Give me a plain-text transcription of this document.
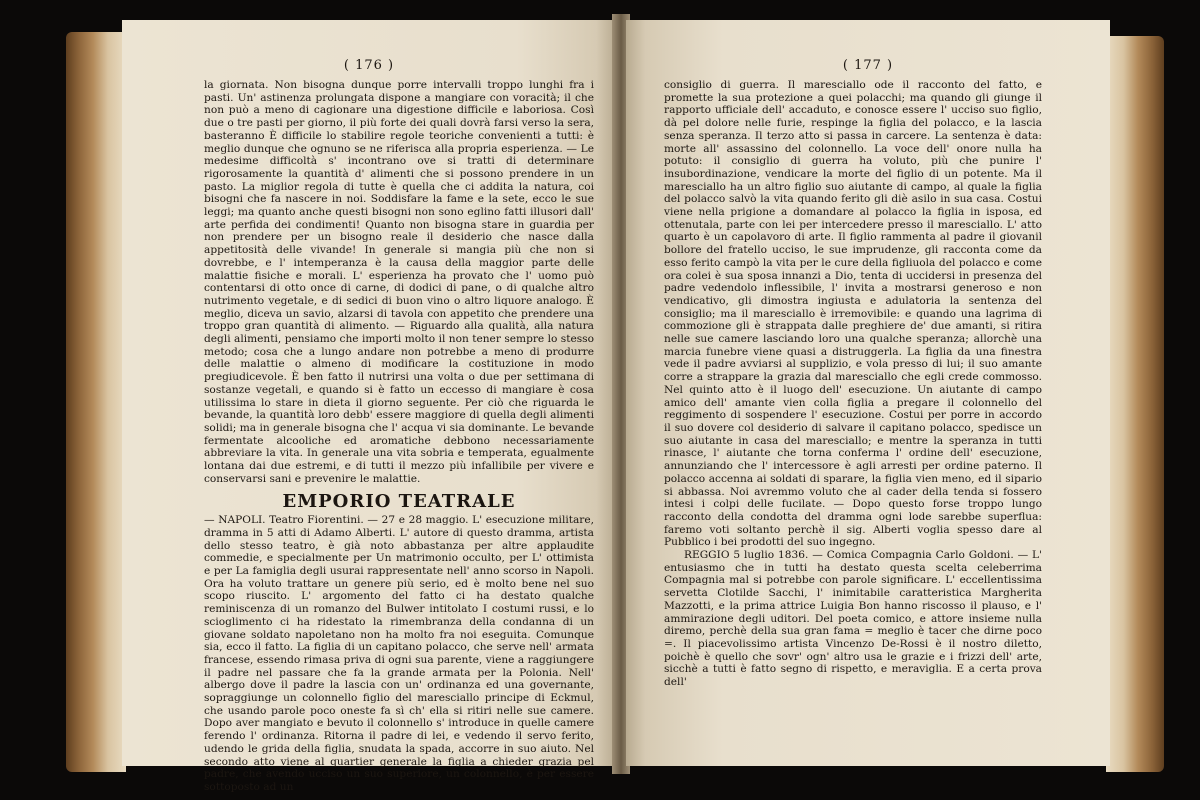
( 176 )

la giornata. Non bisogna dunque porre intervalli troppo lunghi fra i pasti. Un' astinenza prolungata dispone a mangiare con voracità; il che non può a meno di cagionare una digestione difficile e laboriosa. Così due o tre pasti per giorno, il più forte dei quali dovrà farsi verso la sera, basteranno È difficile lo stabilire regole teoriche convenienti a tutti: è meglio dunque che ognuno se ne riferisca alla propria esperienza. — Le medesime difficoltà s' incontrano ove si tratti di determinare rigorosamente la quantità d' alimenti che si possono prendere in un pasto. La miglior regola di tutte è quella che ci addita la natura, coi bisogni che fa nascere in noi. Soddisfare la fame e la sete, ecco le sue leggi; ma quanto anche questi bisogni non sono eglino fatti illusori dall' arte perfida dei condimenti! Quanto non bisogna stare in guardia per non prendere per un bisogno reale il desiderio che nasce dalla appetitosità delle vivande! In generale si mangia più che non si dovrebbe, e l' intemperanza è la causa della maggior parte delle malattie fisiche e morali. L' esperienza ha provato che l' uomo può contentarsi di otto once di carne, di dodici di pane, o di qualche altro nutrimento vegetale, e di sedici di buon vino o altro liquore analogo. È meglio, diceva un savio, alzarsi di tavola con appetito che prendere una troppo gran quantità di alimento. — Riguardo alla qualità, alla natura degli alimenti, pensiamo che importi molto il non tener sempre lo stesso metodo; cosa che a lungo andare non potrebbe a meno di produrre delle malattie o almeno di modificare la costituzione in modo pregiudicevole. È ben fatto il nutrirsi una volta o due per settimana di sostanze vegetali, e quando si è fatto un eccesso di mangiare è cosa utilissima lo stare in dieta il giorno seguente. Per ciò che riguarda le bevande, la quantità loro debb' essere maggiore di quella degli alimenti solidi; ma in generale bisogna che l' acqua vi sia dominante. Le bevande fermentate alcooliche ed aromatiche debbono necessariamente abbreviare la vita. In generale una vita sobria e temperata, egualmente lontana dai due estremi, e di tutti il mezzo più infallibile per vivere e conservarsi sani e prevenire le malattie.

EMPORIO TEATRALE

— NAPOLI. Teatro Fiorentini. — 27 e 28 maggio. L' esecuzione militare, dramma in 5 atti di Adamo Alberti. L' autore di questo dramma, artista dello stesso teatro, è già noto abbastanza per altre applaudite commedie, e specialmente per Un matrimonio occulto, per L' ottimista e per La famiglia degli usurai rappresentate nell' anno scorso in Napoli. Ora ha voluto trattare un genere più serio, ed è molto bene nel suo scopo riuscito. L' argomento del fatto ci ha destato qualche reminiscenza di un romanzo del Bulwer intitolato I costumi russi, e lo scioglimento ci ha ridestato la rimembranza della condanna di un giovane soldato napoletano non ha molto fra noi eseguita. Comunque sia, ecco il fatto. La figlia di un capitano polacco, che serve nell' armata francese, essendo rimasa priva di ogni sua parente, viene a raggiungere il padre nel passare che fa la grande armata per la Polonia. Nell' albergo dove il padre la lascia con un' ordinanza ed una governante, sopraggiunge un colonnello figlio del maresciallo principe di Eckmul, che usando parole poco oneste fa sì ch' ella si ritiri nelle sue camere. Dopo aver mangiato e bevuto il colonnello s' introduce in quelle camere ferendo l' ordinanza. Ritorna il padre di lei, e vedendo il servo ferito, udendo le grida della figlia, snudata la spada, accorre in suo aiuto. Nel secondo atto viene al quartier generale la figlia a chieder grazia pel padre, che avendo ucciso un suo superiore, un colonnello, è per essere sottoposto ad un

( 177 )

consiglio di guerra. Il maresciallo ode il racconto del fatto, e promette la sua protezione a quei polacchi; ma quando gli giunge il rapporto ufficiale dell' accaduto, e conosce essere l' ucciso suo figlio, dà pel dolore nelle furie, respinge la figlia del polacco, e la lascia senza speranza. Il terzo atto si passa in carcere. La sentenza è data: morte all' assassino del colonnello. La voce dell' onore nulla ha potuto: il consiglio di guerra ha voluto, più che punire l' insubordinazione, vendicare la morte del figlio di un potente. Ma il maresciallo ha un altro figlio suo aiutante di campo, al quale la figlia del polacco salvò la vita quando ferito gli diè asilo in sua casa. Costui viene nella prigione a domandare al polacco la figlia in isposa, ed ottenutala, parte con lei per intercedere presso il maresciallo. L' atto quarto è un capolavoro di arte. Il figlio rammenta al padre il giovanil bollore del fratello ucciso, le sue imprudenze, gli racconta come da esso ferito campò la vita per le cure della figliuola del polacco e come ora colei è sua sposa innanzi a Dio, tenta di uccidersi in presenza del padre vedendolo inflessibile, l' invita a mostrarsi generoso e non vendicativo, gli dimostra ingiusta e adulatoria la sentenza del consiglio; ma il maresciallo è irremovibile: e quando una lagrima di commozione gli è strappata dalle preghiere de' due amanti, si ritira nelle sue camere lasciando loro una qualche speranza; allorchè una marcia funebre viene quasi a distruggerla. La figlia da una finestra vede il padre avviarsi al supplizio, e vola presso di lui; il suo amante corre a strappare la grazia dal maresciallo che egli crede commosso. Nel quinto atto è il luogo dell' esecuzione. Un aiutante di campo amico dell' amante vien colla figlia a pregare il colonnello del reggimento di sospendere l' esecuzione. Costui per porre in accordo il suo dovere col desiderio di salvare il capitano polacco, spedisce un suo aiutante in casa del maresciallo; e mentre la speranza in tutti rinasce, l' aiutante che torna conferma l' ordine dell' esecuzione, annunziando che l' intercessore è agli arresti per ordine paterno. Il polacco accenna ai soldati di sparare, la figlia vien meno, ed il sipario si abbassa. Noi avremmo voluto che al cader della tenda si fossero intesi i colpi delle fucilate. — Dopo questo forse troppo lungo racconto della condotta del dramma ogni lode sarebbe superflua: faremo voti soltanto perchè il sig. Alberti voglia spesso dare al Pubblico i bei prodotti del suo ingegno.

REGGIO 5 luglio 1836. — Comica Compagnia Carlo Goldoni. — L' entusiasmo che in tutti ha destato questa scelta celeberrima Compagnia mal si potrebbe con parole significare. L' eccellentissima servetta Clotilde Sacchi, l' inimitabile caratteristica Margherita Mazzotti, e la prima attrice Luigia Bon hanno riscosso il plauso, e l' ammirazione degli uditori. Del poeta comico, e attore insieme nulla diremo, perchè della sua gran fama = meglio è tacer che dirne poco =. Il piacevolissimo artista Vincenzo De-Rossi è il nostro diletto, poichè è quello che sovr' ogn' altro usa le grazie e i frizzi dell' arte, sicchè a tutti è fatto segno di rispetto, e meraviglia. E a certa prova dell'
